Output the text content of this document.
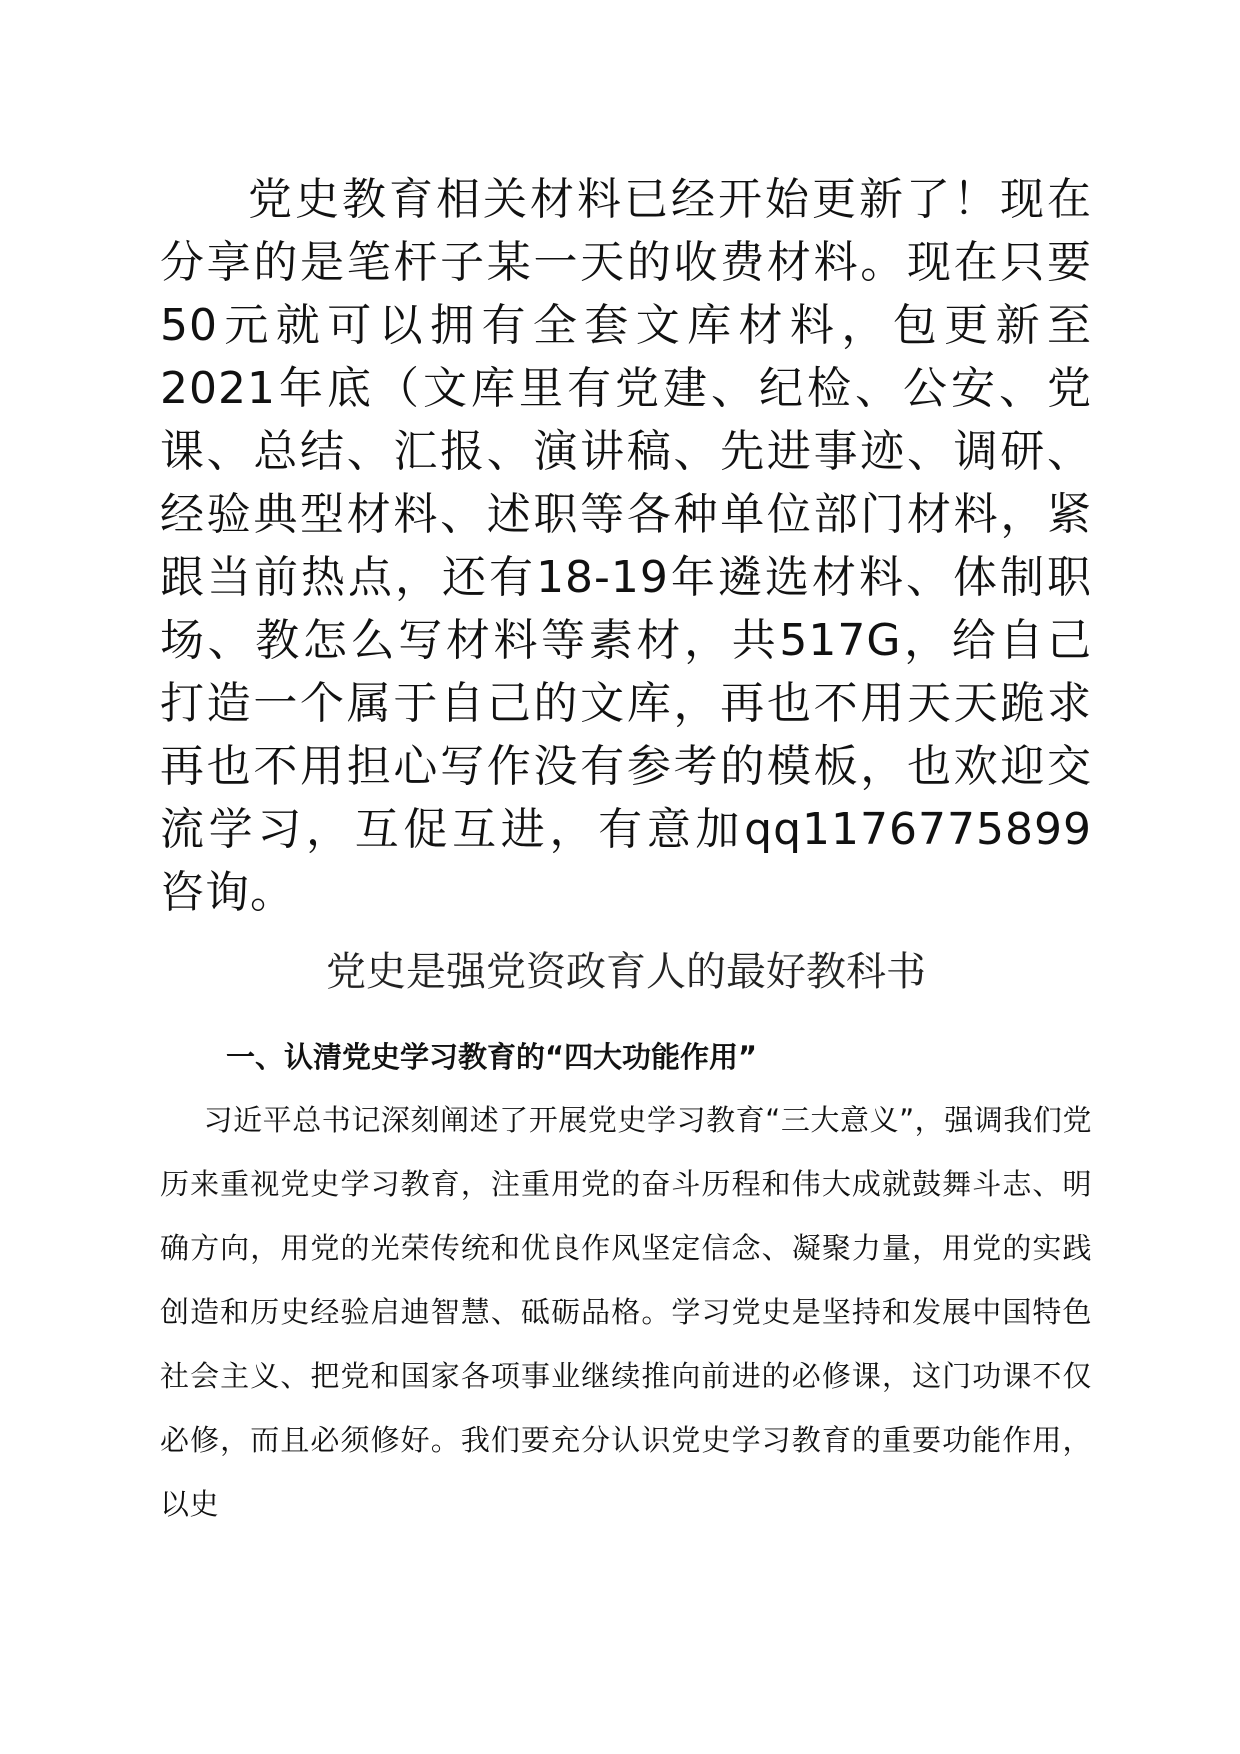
党史教育相关材料已经开始更新了！现在分享的是笔杆子某一天的收费材料。现在只要50元就可以拥有全套文库材料，包更新至2021年底（文库里有党建、纪检、公安、党课、总结、汇报、演讲稿、先进事迹、调研、经验典型材料、述职等各种单位部门材料，紧跟当前热点，还有18-19年遴选材料、体制职场、教怎么写材料等素材，共517G，给自己打造一个属于自己的文库，再也不用天天跪求再也不用担心写作没有参考的模板，也欢迎交流学习，互促互进，有意加qq1176775899咨询。

党史是强党资政育人的最好教科书
一、认清党史学习教育的“四大功能作用”

习近平总书记深刻阐述了开展党史学习教育“三大意义”，强调我们党历来重视党史学习教育，注重用党的奋斗历程和伟大成就鼓舞斗志、明确方向，用党的光荣传统和优良作风坚定信念、凝聚力量，用党的实践创造和历史经验启迪智慧、砥砺品格。学习党史是坚持和发展中国特色社会主义、把党和国家各项事业继续推向前进的必修课，这门功课不仅必修，而且必须修好。我们要充分认识党史学习教育的重要功能作用，以史
